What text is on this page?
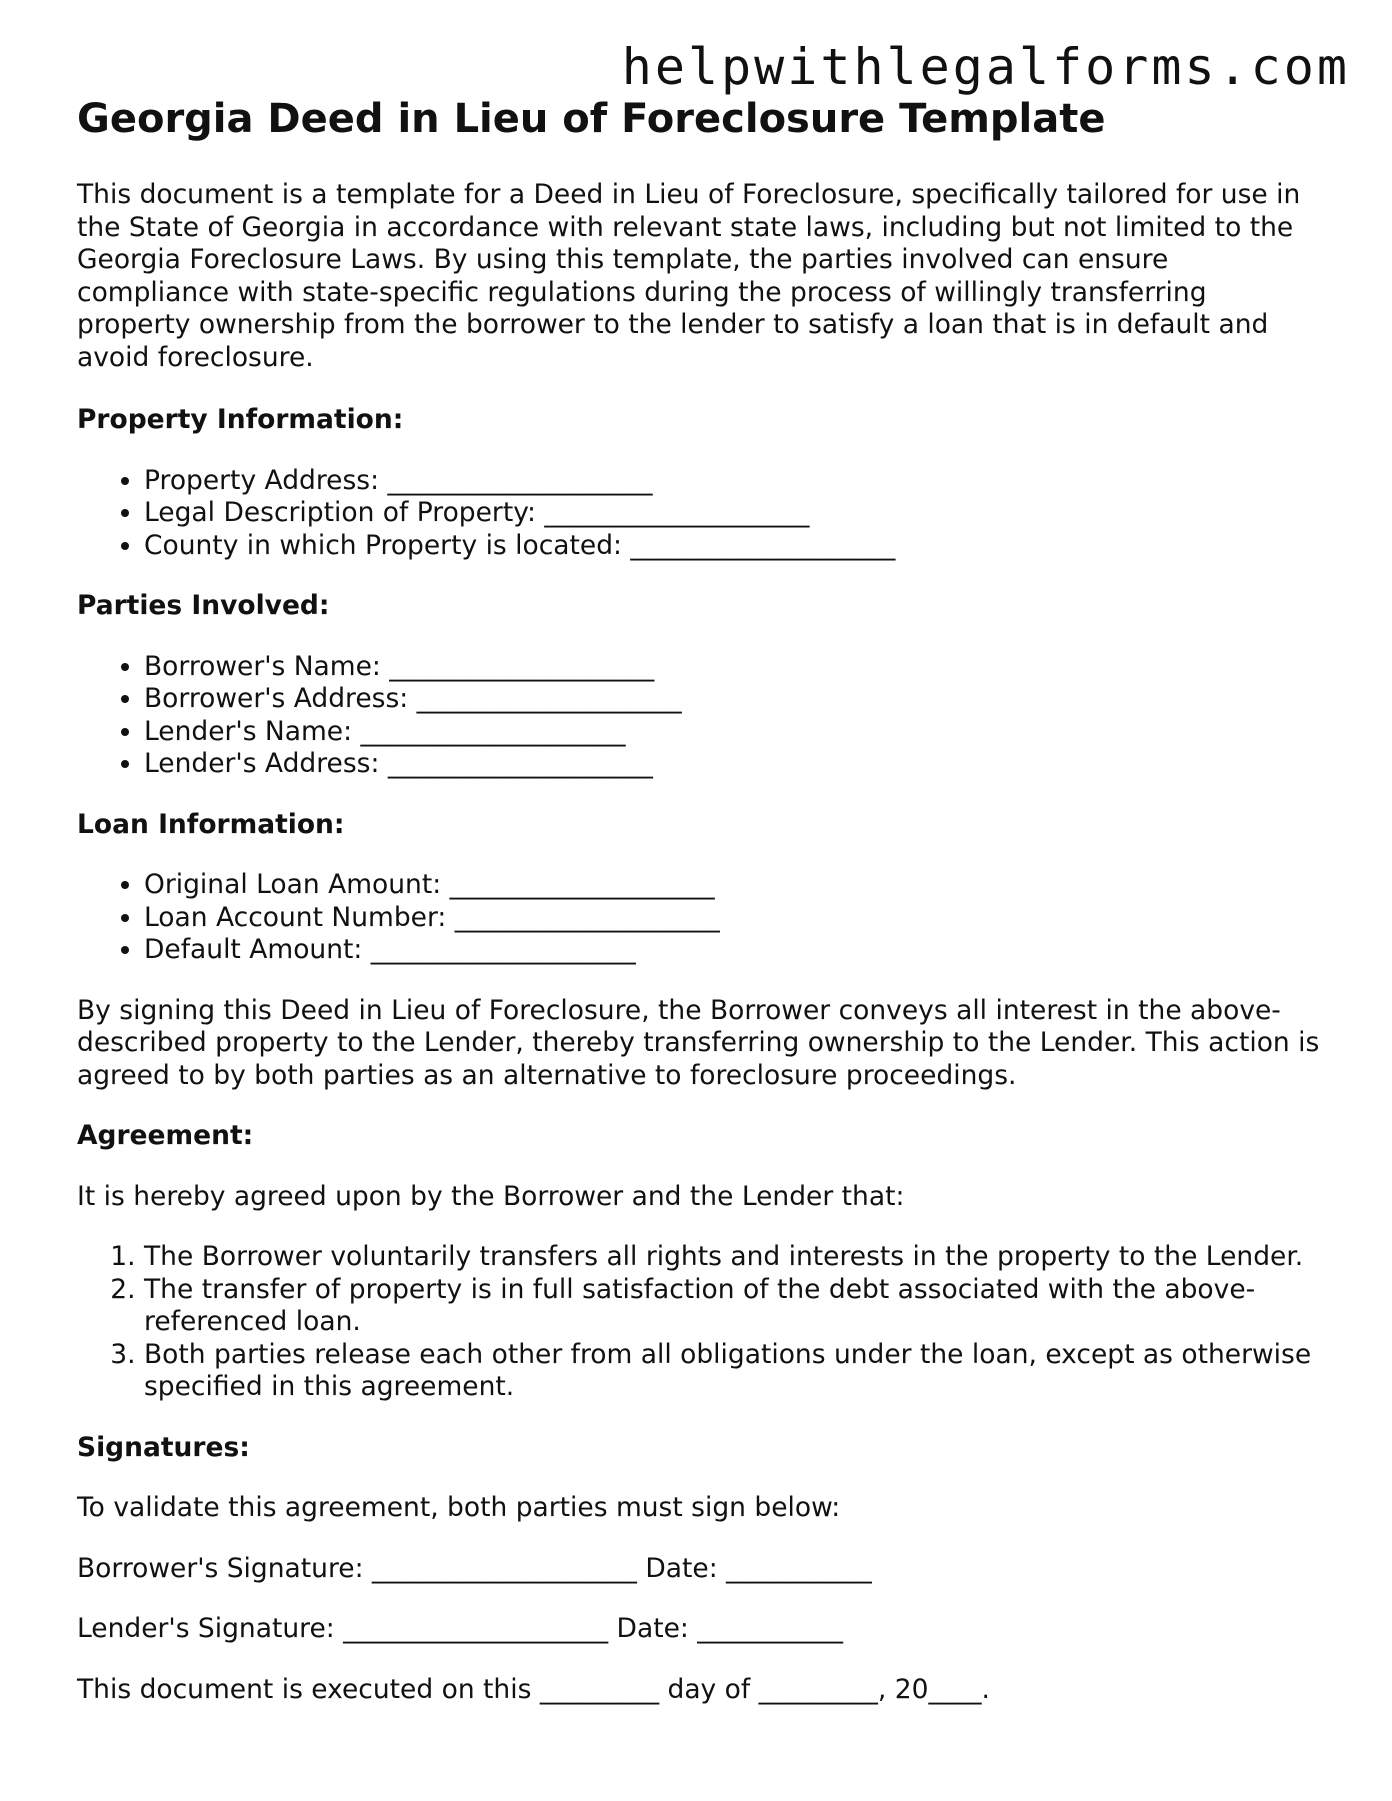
helpwithlegalforms.com
Georgia Deed in Lieu of Foreclosure Template

This document is a template for a Deed in Lieu of Foreclosure, specifically tailored for use in the State of Georgia in accordance with relevant state laws, including but not limited to the Georgia Foreclosure Laws. By using this template, the parties involved can ensure compliance with state-specific regulations during the process of willingly transferring property ownership from the borrower to the lender to satisfy a loan that is in default and avoid foreclosure.

Property Information:
• Property Address: ____________________
• Legal Description of Property: ____________________
• County in which Property is located: ____________________
Parties Involved:
• Borrower's Name: ____________________
• Borrower's Address: ____________________
• Lender's Name: ____________________
• Lender's Address: ____________________
Loan Information:
• Original Loan Amount: ____________________
• Loan Account Number: ____________________
• Default Amount: ____________________

By signing this Deed in Lieu of Foreclosure, the Borrower conveys all interest in the above-described property to the Lender, thereby transferring ownership to the Lender. This action is agreed to by both parties as an alternative to foreclosure proceedings.

Agreement:

It is hereby agreed upon by the Borrower and the Lender that:

1. The Borrower voluntarily transfers all rights and interests in the property to the Lender.
2. The transfer of property is in full satisfaction of the debt associated with the above-referenced loan.
3. Both parties release each other from all obligations under the loan, except as otherwise specified in this agreement.
Signatures:

To validate this agreement, both parties must sign below:

Borrower's Signature: ____________________ Date: ___________

Lender's Signature: ____________________ Date: ___________

This document is executed on this _________ day of _________, 20____.
